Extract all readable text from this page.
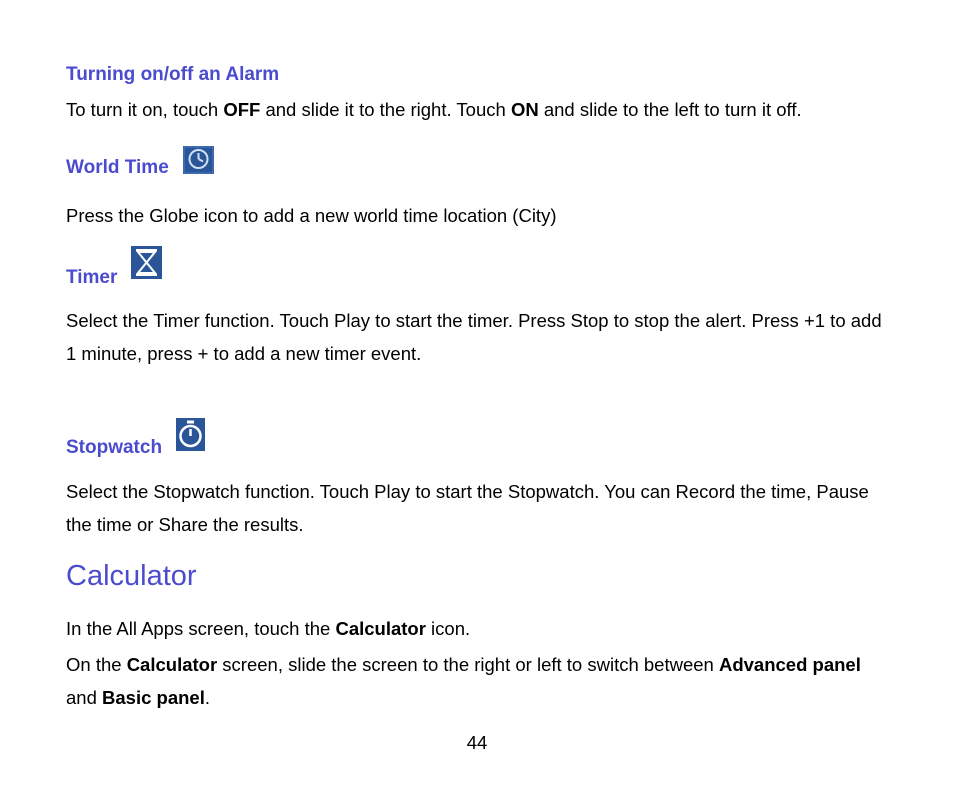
Turning on/off an Alarm

To turn it on, touch OFF and slide it to the right. Touch ON and slide to the left to turn it off.

World Time

Press the Globe icon to add a new world time location (City)

Timer

Select the Timer function. Touch Play to start the timer. Press Stop to stop the alert. Press +1 to add 1 minute, press + to add a new timer event.

Stopwatch

Select the Stopwatch function. Touch Play to start the Stopwatch. You can Record the time, Pause the time or Share the results.

Calculator

In the All Apps screen, touch the Calculator icon.

On the Calculator screen, slide the screen to the right or left to switch between Advanced panel and Basic panel.

44
